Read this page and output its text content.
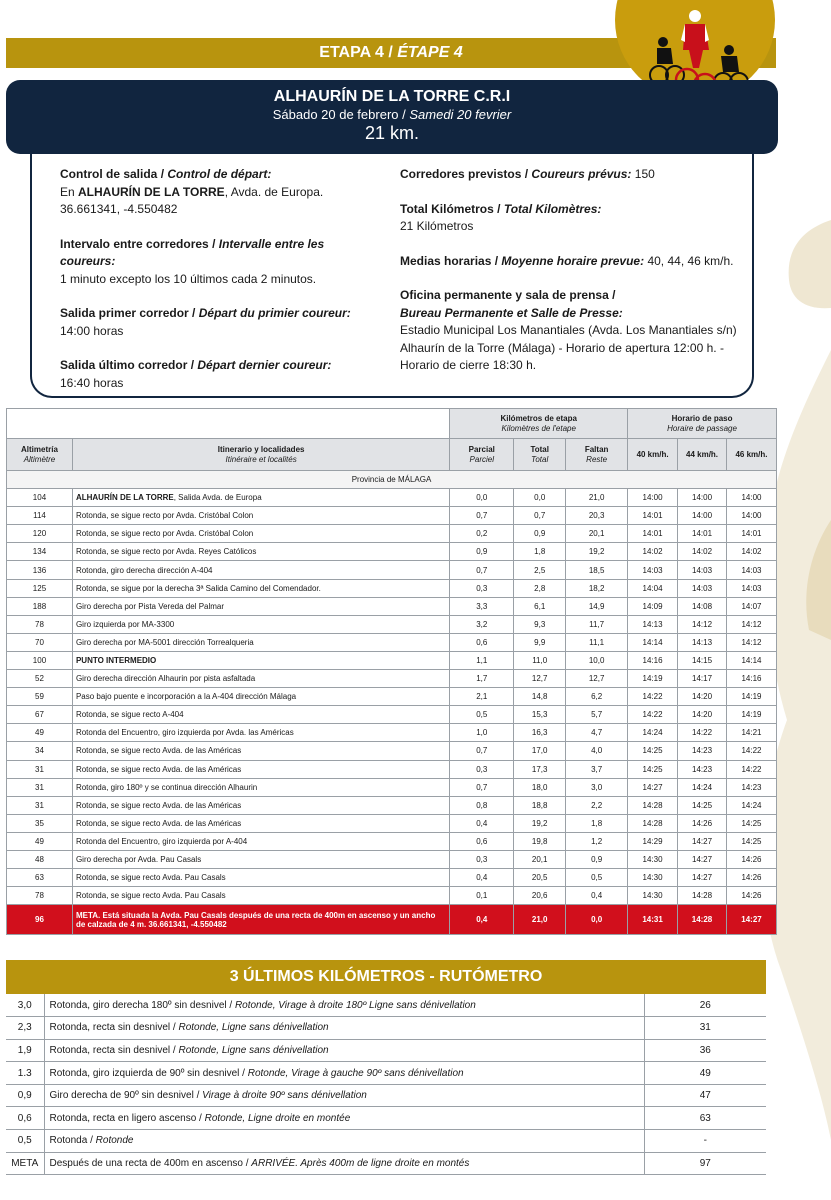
ETAPA 4 / ÉTAPE 4
ALHAURÍN DE LA TORRE C.R.I
Sábado 20 de febrero / Samedi 20 fevrier
21 km.
Control de salida / Control de départ:
En ALHAURÍN DE LA TORRE, Avda. de Europa.
36.661341, -4.550482
Intervalo entre corredores / Intervalle entre les coureurs:
1 minuto excepto los 10 últimos cada 2 minutos.
Salida primer corredor / Départ du primier coureur:
14:00 horas
Salida último corredor / Départ dernier coureur:
16:40 horas
Corredores previstos / Coureurs prévus: 150
Total Kilómetros / Total Kilomètres:
21 Kilómetros
Medias horarias / Moyenne horaire prevue: 40, 44, 46 km/h.
Oficina permanente y sala de prensa /
Bureau Permanente et Salle de Presse:
Estadio Municipal Los Manantiales (Avda. Los Manantiales s/n)
Alhaurín de la Torre (Málaga) - Horario de apertura 12:00 h. -
Horario de cierre 18:30 h.
		Kilómetros de etapa
Kilomètres de l'etape			Horario de paso
Horaire de passage		

Altimetría
Altimètre	Itinerario y localidades
Itinéraire et localités	Parcial
Parciel	Total
Total	Faltan
Reste	40 km/h.	44 km/h.	46 km/h.
Provincia de MÁLAGA							
104	ALHAURÍN DE LA TORRE, Salida Avda. de Europa	0,0	0,0	21,0	14:00	14:00	14:00
114	Rotonda, se sigue recto por Avda. Cristóbal Colon	0,7	0,7	20,3	14:01	14:00	14:00
120	Rotonda, se sigue recto por Avda. Cristóbal Colon	0,2	0,9	20,1	14:01	14:01	14:01
134	Rotonda, se sigue recto por Avda. Reyes Católicos	0,9	1,8	19,2	14:02	14:02	14:02
136	Rotonda, giro derecha dirección A-404	0,7	2,5	18,5	14:03	14:03	14:03
125	Rotonda, se sigue por la derecha 3ª Salida Camino del Comendador.	0,3	2,8	18,2	14:04	14:03	14:03
188	Giro derecha por Pista Vereda del Palmar	3,3	6,1	14,9	14:09	14:08	14:07
78	Giro izquierda por MA-3300	3,2	9,3	11,7	14:13	14:12	14:12
70	Giro derecha por MA-5001 dirección Torrealqueria	0,6	9,9	11,1	14:14	14:13	14:12
100	PUNTO INTERMEDIO	1,1	11,0	10,0	14:16	14:15	14:14
52	Giro derecha dirección Alhaurin por pista asfaltada	1,7	12,7	12,7	14:19	14:17	14:16
59	Paso bajo puente e incorporación a la A-404 dirección Málaga	2,1	14,8	6,2	14:22	14:20	14:19
67	Rotonda, se sigue recto A-404	0,5	15,3	5,7	14:22	14:20	14:19
49	Rotonda del Encuentro, giro izquierda por Avda. las Américas	1,0	16,3	4,7	14:24	14:22	14:21
34	Rotonda, se sigue recto Avda. de las Américas	0,7	17,0	4,0	14:25	14:23	14:22
31	Rotonda, se sigue recto Avda. de las Américas	0,3	17,3	3,7	14:25	14:23	14:22
31	Rotonda, giro 180º y se continua dirección Alhaurin	0,7	18,0	3,0	14:27	14:24	14:23
31	Rotonda, se sigue recto Avda. de las Américas	0,8	18,8	2,2	14:28	14:25	14:24
35	Rotonda, se sigue recto Avda. de las Américas	0,4	19,2	1,8	14:28	14:26	14:25
49	Rotonda del Encuentro, giro izquierda por A-404	0,6	19,8	1,2	14:29	14:27	14:25
48	Giro derecha por Avda. Pau Casals	0,3	20,1	0,9	14:30	14:27	14:26
63	Rotonda, se sigue recto Avda. Pau Casals	0,4	20,5	0,5	14:30	14:27	14:26
78	Rotonda, se sigue recto Avda. Pau Casals	0,1	20,6	0,4	14:30	14:28	14:26
96	META. Está situada la Avda. Pau Casals después de una recta de 400m en ascenso y un ancho de calzada de 4 m. 36.661341, -4.550482	0,4	21,0	0,0	14:31	14:28	14:27
3 ÚLTIMOS KILÓMETROS - RUTÓMETRO
3,0	Rotonda, giro derecha 180º sin desnivel / Rotonde, Virage à droite 180º Ligne sans dénivellation	26
2,3	Rotonda, recta sin desnivel / Rotonde, Ligne sans dénivellation	31
1,9	Rotonda, recta sin desnivel / Rotonde, Ligne sans dénivellation	36
1.3	Rotonda, giro izquierda de 90º sin desnivel / Rotonde, Virage à gauche 90º sans dénivellation	49
0,9	Giro derecha de 90º sin desnivel / Virage à droite 90º sans dénivellation	47
0,6	Rotonda, recta en ligero ascenso / Rotonde, Ligne droite en montée	63
0,5	Rotonda / Rotonde	-
META	Después de una recta de 400m en ascenso / ARRIVÉE. Après 400m de ligne droite en montés	97
